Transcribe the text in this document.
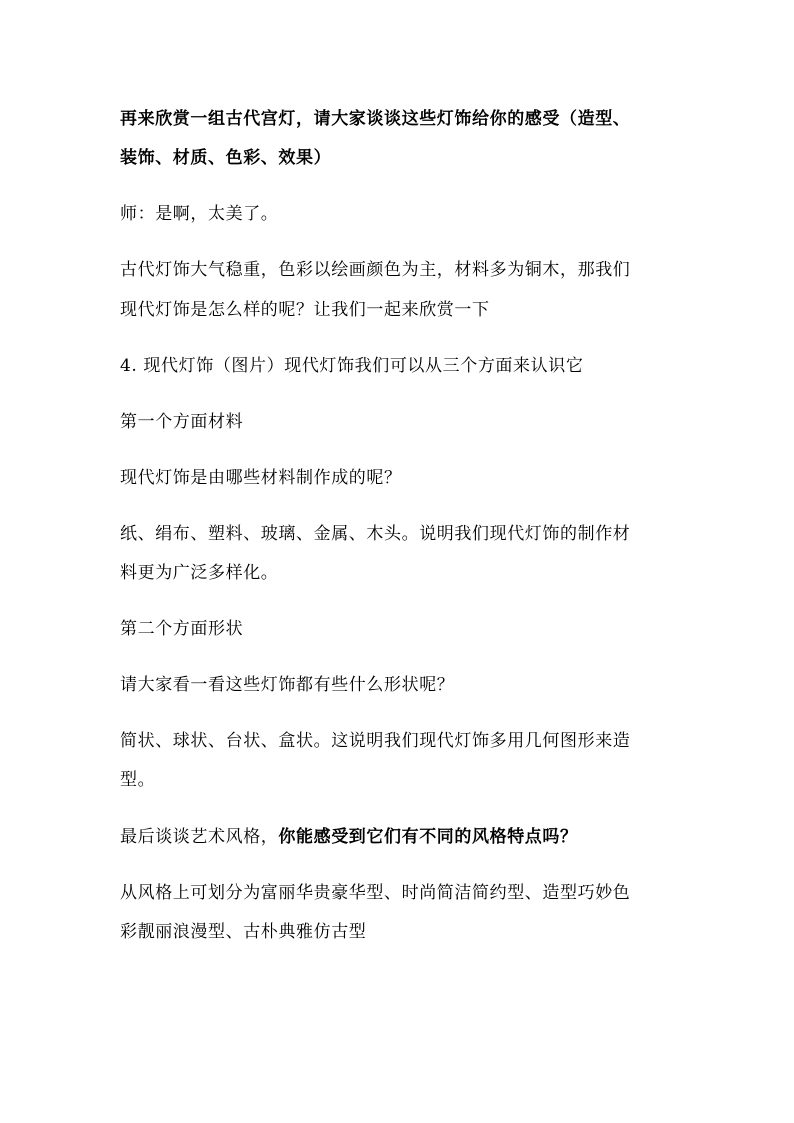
再来欣赏一组古代宫灯，请大家谈谈这些灯饰给你的感受（造型、
装饰、材质、色彩、效果）
师：是啊，太美了。
古代灯饰大气稳重，色彩以绘画颜色为主，材料多为铜木，那我们
现代灯饰是怎么样的呢？让我们一起来欣赏一下
4. 现代灯饰（图片）现代灯饰我们可以从三个方面来认识它
第一个方面材料
现代灯饰是由哪些材料制作成的呢？
纸、绢布、塑料、玻璃、金属、木头。说明我们现代灯饰的制作材
料更为广泛多样化。
第二个方面形状
请大家看一看这些灯饰都有些什么形状呢？
简状、球状、台状、盒状。这说明我们现代灯饰多用几何图形来造
型。
最后谈谈艺术风格，你能感受到它们有不同的风格特点吗？
从风格上可划分为富丽华贵豪华型、时尚简洁简约型、造型巧妙色
彩靓丽浪漫型、古朴典雅仿古型
